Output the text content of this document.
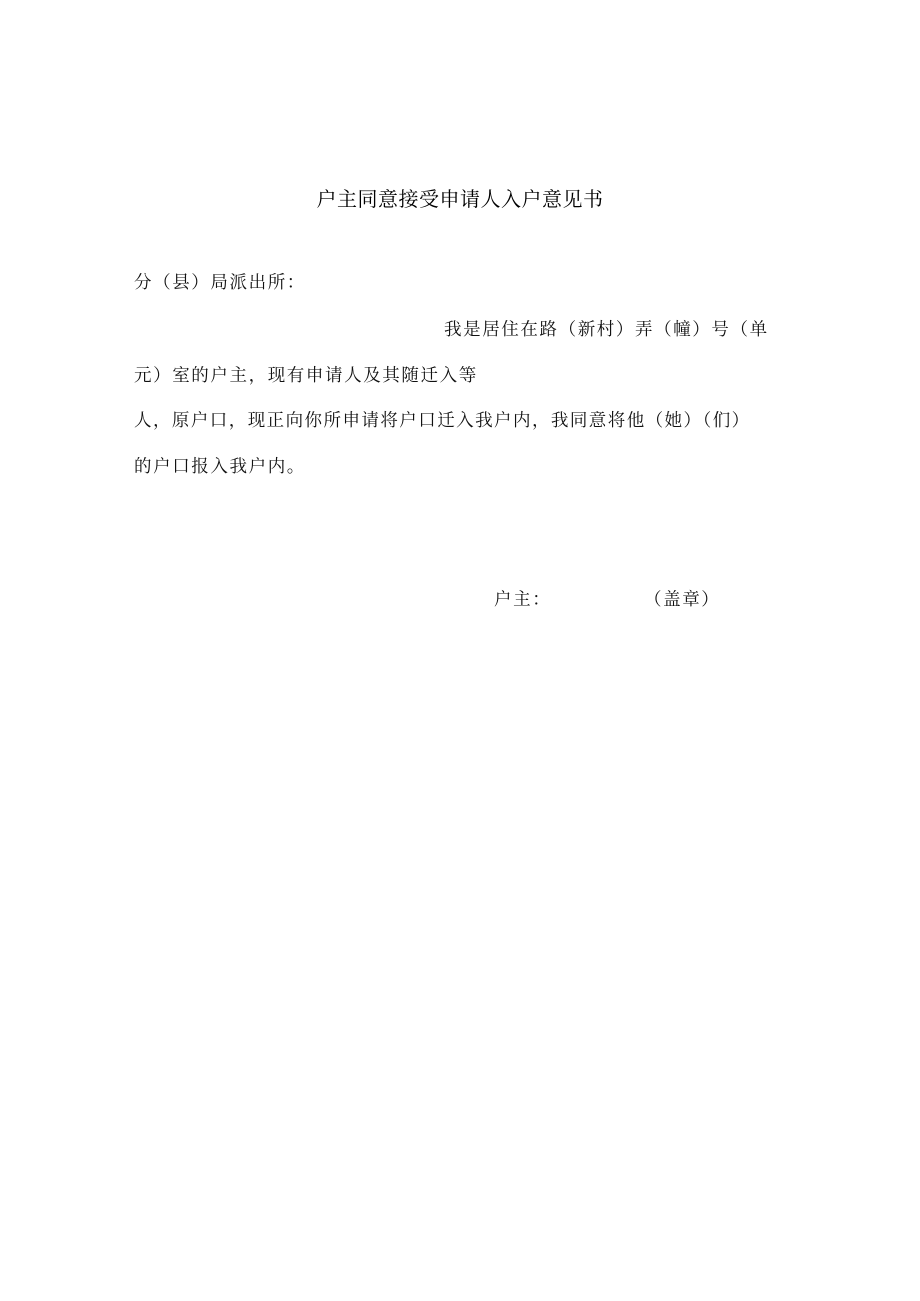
户主同意接受申请人入户意见书
分（县）局派出所：
我是居住在路（新村）弄（幢）号（单
元）室的户主，现有申请人及其随迁入等
人，原户口，现正向你所申请将户口迁入我户内，我同意将他（她）（们）
的户口报入我户内。
户主：	（盖章）
